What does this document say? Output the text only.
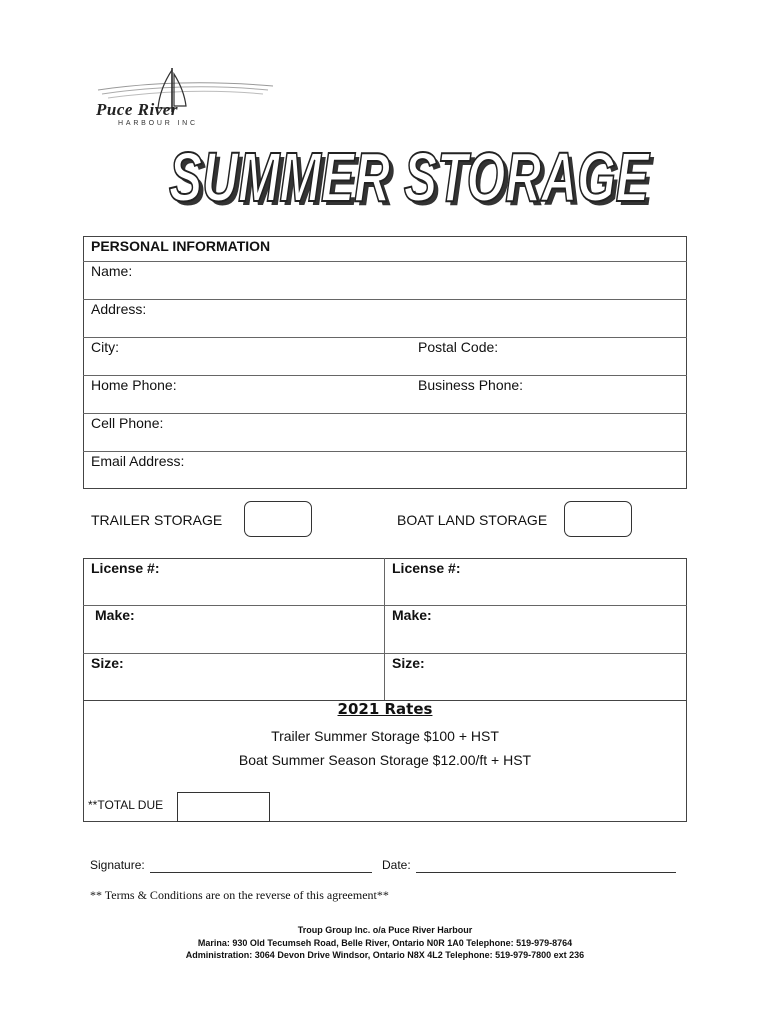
Puce River
HARBOUR INC
SUMMER STORAGE
SUMMER STORAGE
PERSONAL INFORMATION
Name:
Address:
City:	Postal Code:
Home Phone:	Business Phone:
Cell Phone:
Email Address:
TRAILER STORAGE	BOAT LAND STORAGE
License #:	License #:
Make:	Make:
Size:	Size:
2021 Rates
Trailer Summer Storage $100 + HST
Boat Summer Season Storage $12.00/ft + HST
**TOTAL DUE
Signature:	Date:
** Terms & Conditions are on the reverse of this agreement**
Troup Group Inc. o/a Puce River Harbour
Marina: 930 Old Tecumseh Road, Belle River, Ontario N0R 1A0 Telephone: 519-979-8764
Administration: 3064 Devon Drive Windsor, Ontario N8X 4L2 Telephone: 519-979-7800 ext 236
